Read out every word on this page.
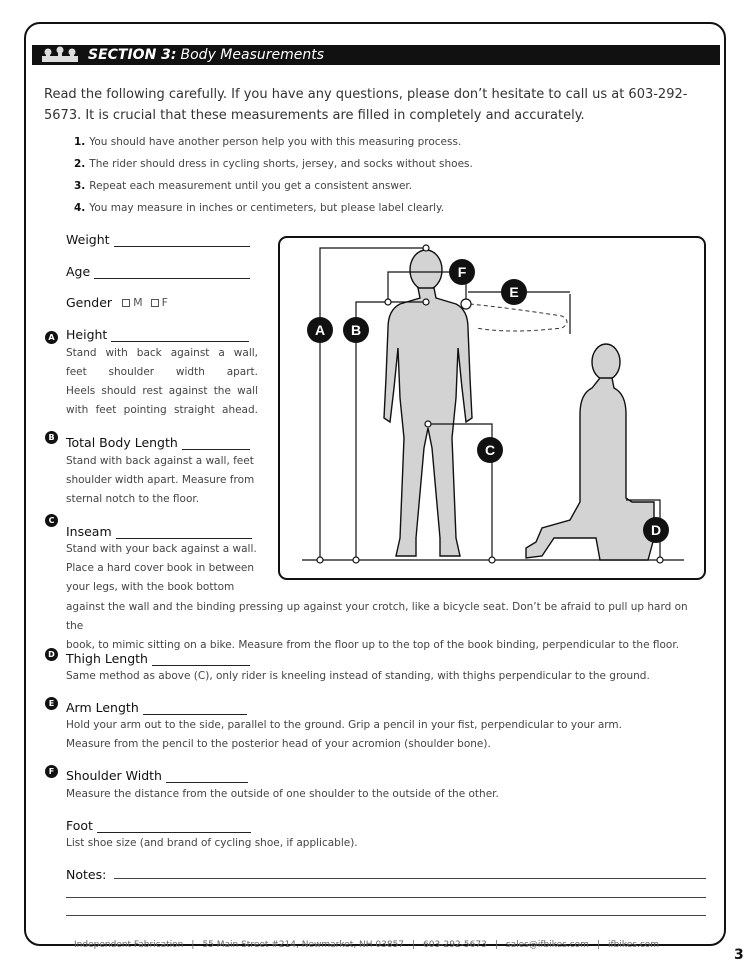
SECTION 3: Body Measurements

Read the following carefully. If you have any questions, please don’t hesitate to call us at 603-292-5673. It is crucial that these measurements are filled in completely and accurately.

1. You should have another person help you with this measuring process.
2. The rider should dress in cycling shorts, jersey, and socks without shoes.
3. Repeat each measurement until you get a consistent answer.
4. You may measure in inches or centimeters, but please label clearly.
Weight
Age
Gender M F
A Height
Stand with back against a wall,
feet shoulder width apart.
Heels should rest against the wall
with feet pointing straight ahead.
B Total Body Length
Stand with back against a wall, feet
shoulder width apart. Measure from
sternal notch to the floor.
C
Inseam
Stand with your back against a wall.
Place a hard cover book in between
your legs, with the book bottom
against the wall and the binding pressing up against your crotch, like a bicycle seat. Don’t be afraid to pull up hard on the
book, to mimic sitting on a bike. Measure from the floor up to the top of the book binding, perpendicular to the floor.
D Thigh Length
Same method as above (C), only rider is kneeling instead of standing, with thighs perpendicular to the ground.
E Arm Length
Hold your arm out to the side, parallel to the ground. Grip a pencil in your fist, perpendicular to your arm.
Measure from the pencil to the posterior head of your acromion (shoulder bone).
F Shoulder Width
Measure the distance from the outside of one shoulder to the outside of the other.
Foot
List shoe size (and brand of cycling shoe, if applicable).
Notes:
A B
C
D
E
F
Independent Fabrication | 55 Main Street #214, Newmarket, NH 03857 | 603-292-5673 | sales@ifbikes.com | ifbikes.com
3
